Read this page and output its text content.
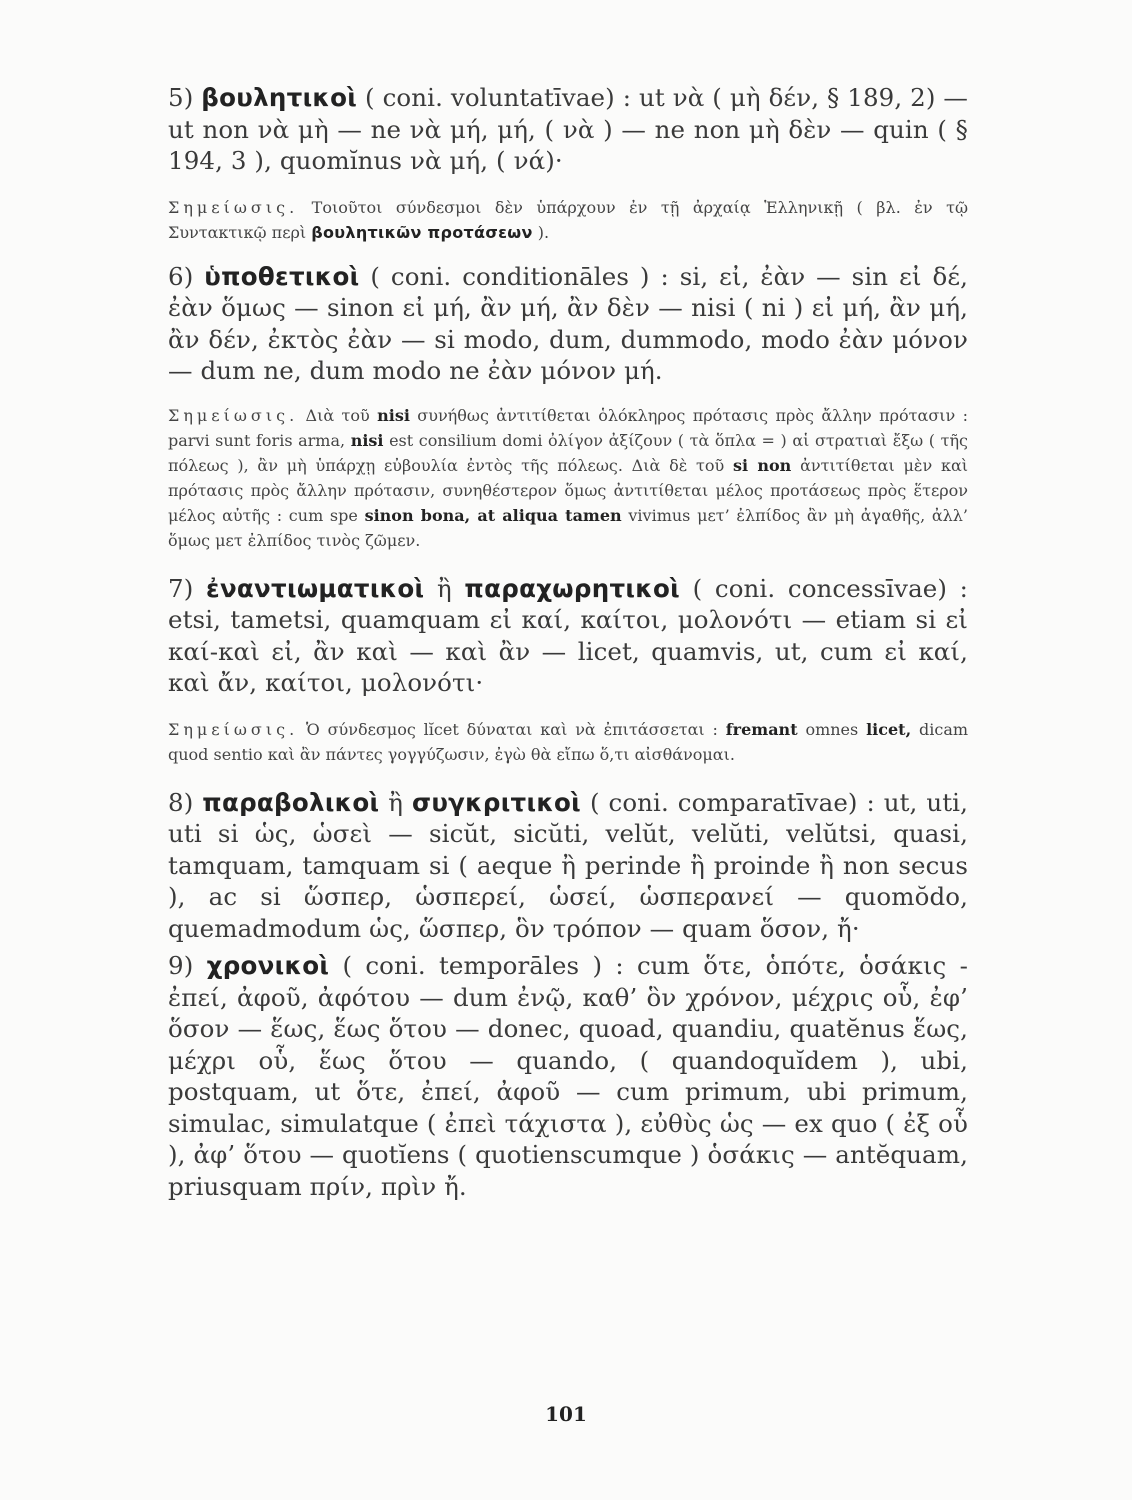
5) βουλητικοὶ ( coni. voluntatīvae) : ut νὰ ( μὴ δέν, § 189, 2) — ut non νὰ μὴ — ne νὰ μή, μή, ( νὰ ) — ne non μὴ δὲν — quin ( § 194, 3 ), quomĭnus νὰ μή, ( νά)·

Σημείωσις. Τοιοῦτοι σύνδεσμοι δὲν ὑπάρχουν ἐν τῇ ἀρχαίᾳ Ἑλληνικῇ ( βλ. ἐν τῷ Συντακτικῷ περὶ βουλητικῶν προτάσεων ).

6) ὑποθετικοὶ ( coni. conditionāles ) : si, εἰ, ἐὰν — sin εἰ δέ, ἐὰν ὅμως — sinon εἰ μή, ἂν μή, ἂν δὲν — nisi ( ni ) εἰ μή, ἂν μή, ἂν δέν, ἐκτὸς ἐὰν — si modo, dum, dummodo, modo ἐὰν μόνον — dum ne, dum modo ne ἐὰν μόνον μή.

Σημείωσις. Διὰ τοῦ nisi συνήθως ἀντιτίθεται ὁλόκληρος πρότασις πρὸς ἄλλην πρότασιν : parvi sunt foris arma, nisi est consilium domi ὀλίγον ἀξίζουν ( τὰ ὅπλα = ) αἱ στρατιαὶ ἔξω ( τῆς πόλεως ), ἂν μὴ ὑπάρχῃ εὐβουλία ἐντὸς τῆς πόλεως. Διὰ δὲ τοῦ si non ἀντιτίθεται μὲν καὶ πρότασις πρὸς ἄλλην πρότασιν, συνηθέστερον ὅμως ἀντιτίθεται μέλος προτάσεως πρὸς ἕτερον μέλος αὐτῆς : cum spe sinon bona, at aliqua tamen vivimus μετ’ ἐλπίδος ἂν μὴ ἀγαθῆς, ἀλλ’ ὅμως μετ ἐλπίδος τινὸς ζῶμεν.

7) ἐναντιωματικοὶ ἢ παραχωρητικοὶ ( coni. concessīvae) : etsi, tametsi, quamquam εἰ καί, καίτοι, μολονότι — etiam si εἰ καί-καὶ εἰ, ἂν καὶ — καὶ ἂν — licet, quamvis, ut, cum εἰ καί, καὶ ἄν, καίτοι, μολονότι·

Σημείωσις. Ὁ σύνδεσμος lĭcet δύναται καὶ νὰ ἐπιτάσσεται : fremant omnes licet, dicam quod sentio καὶ ἂν πάντες γογγύζωσιν, ἐγὼ θὰ εἴπω ὅ,τι αἰσθάνομαι.

8) παραβολικοὶ ἢ συγκριτικοὶ ( coni. comparatīvae) : ut, uti, uti si ὡς, ὡσεὶ — sicŭt, sicŭti, velŭt, velŭti, velŭtsi, quasi, tamquam, tamquam si ( aeque ἢ perinde ἢ proinde ἢ non secus ), ac si ὥσπερ, ὡσπερεί, ὡσεί, ὡσπερανεί — quomŏdo, quemadmodum ὡς, ὥσπερ, ὃν τρόπον — quam ὅσον, ἤ·

9) χρονικοὶ ( coni. temporāles ) : cum ὅτε, ὁπότε, ὁσάκις - ἐπεί, ἀφοῦ, ἀφότου — dum ἐνῷ, καθ’ ὃν χρόνον, μέχρις οὗ, ἐφ’ ὅσον — ἕως, ἕως ὅτου — donec, quoad, quandiu, quatĕnus ἕως, μέχρι οὗ, ἕως ὅτου — quando, ( quandoquĭdem ), ubi, postquam, ut ὅτε, ἐπεί, ἀφοῦ — cum primum, ubi primum, simulac, simulatque ( ἐπεὶ τάχιστα ), εὐθὺς ὡς — ex quo ( ἐξ οὗ ), ἀφ’ ὅτου — quotĭens ( quotienscumque ) ὁσάκις — antĕquam, priusquam πρίν, πρὶν ἤ.

101
